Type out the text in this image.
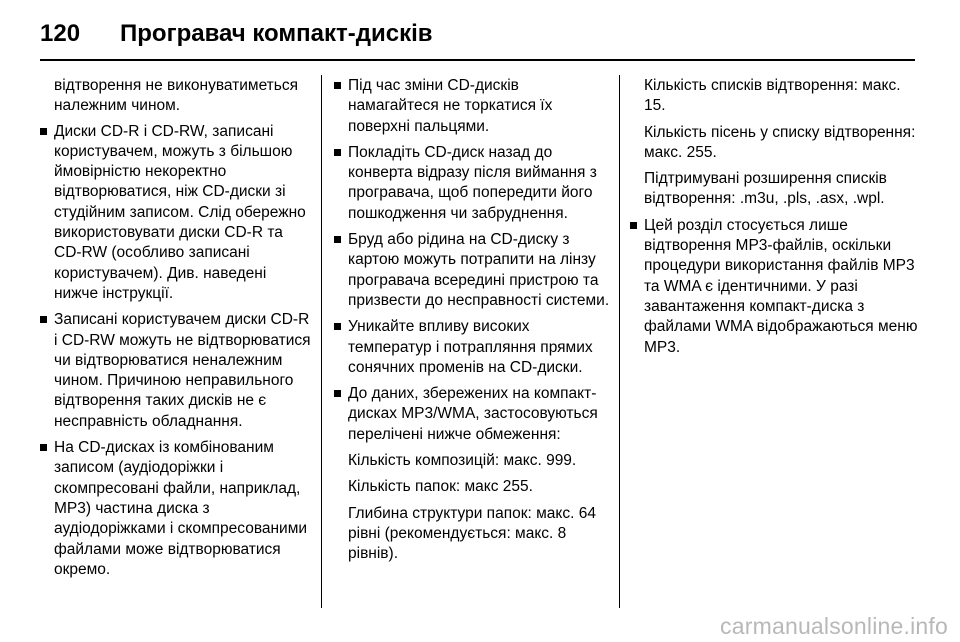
120	Програвач компакт-дисків

відтворення не виконуватиметься належним чином.

Диски CD-R і CD-RW, записані користувачем, можуть з більшою ймовірністю некоректно відтворюватися, ніж CD-диски зі студійним записом. Слід обережно використовувати диски CD-R та CD-RW (особливо записані користувачем). Див. наведені нижче інструкції.
Записані користувачем диски CD-R і CD-RW можуть не відтворюватися чи відтворюватися неналежним чином. Причиною неправильного відтворення таких дисків не є несправність обладнання.
На CD-дисках із комбінованим записом (аудіодоріжки і скомпресовані файли, наприклад, MP3) частина диска з аудіодоріжками і скомпресованими файлами може відтворюватися окремо.
Під час зміни CD-дисків намагайтеся не торкатися їх поверхні пальцями.
Покладіть CD-диск назад до конверта відразу після виймання з програвача, щоб попередити його пошкодження чи забруднення.
Бруд або рідина на CD-диску з картою можуть потрапити на лінзу програвача всередині пристрою та призвести до несправності системи.
Уникайте впливу високих температур і потрапляння прямих сонячних променів на CD-диски.
До даних, збережених на компакт-дисках MP3/WMA, застосовуються перелічені нижче обмеження:

Кількість композицій: макс. 999.

Кількість папок: макс 255.

Глибина структури папок: макс. 64 рівні (рекомендується: макс. 8 рівнів).

Кількість списків відтворення: макс. 15.

Кількість пісень у списку відтворення: макс. 255.

Підтримувані розширення списків відтворення: .m3u, .pls, .asx, .wpl.

Цей розділ стосується лише відтворення MP3-файлів, оскільки процедури використання файлів MP3 та WMA є ідентичними. У разі завантаження компакт-диска з файлами WMA відображаються меню MP3.
carmanualsonline.info
